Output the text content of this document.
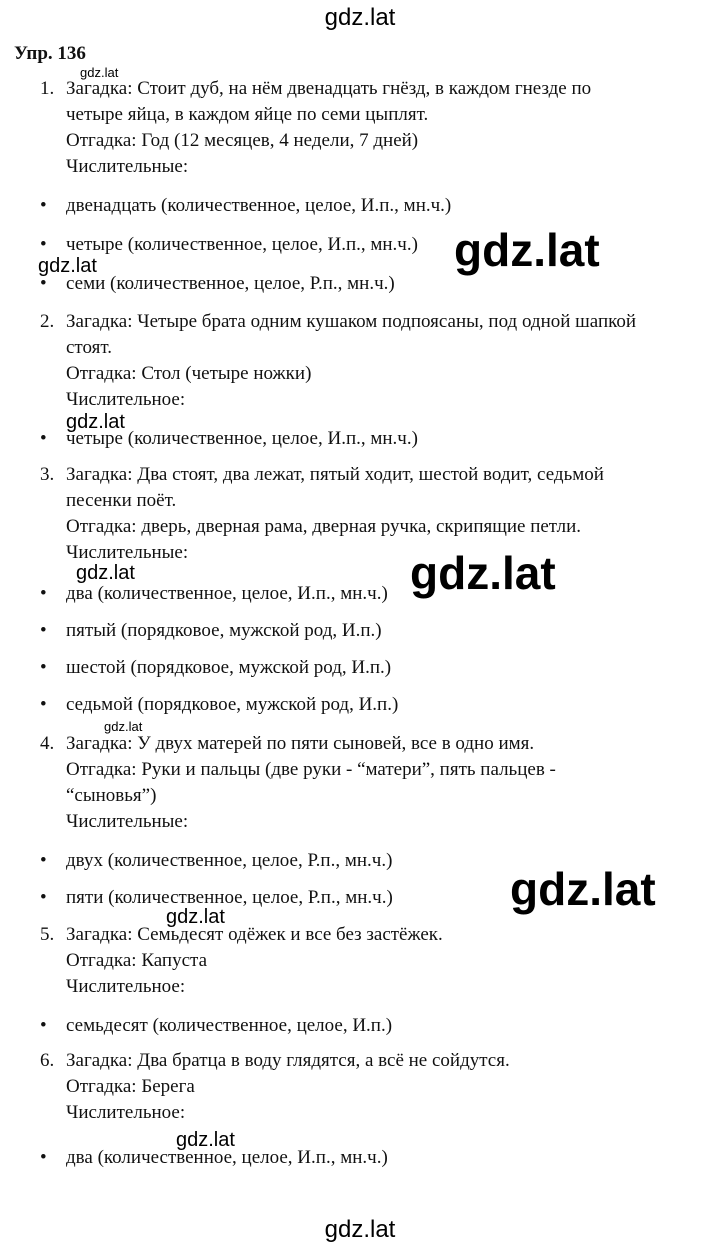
gdz.lat
Упр. 136
1. Загадка: Стоит дуб, на нём двенадцать гнёзд, в каждом гнезде по
четыре яйца, в каждом яйце по семи цыплят.
Отгадка: Год (12 месяцев, 4 недели, 7 дней)
Числительные:
• двенадцать (количественное, целое, И.п., мн.ч.)
• четыре (количественное, целое, И.п., мн.ч.)
• семи (количественное, целое, Р.п., мн.ч.)
2. Загадка: Четыре брата одним кушаком подпоясаны, под одной шапкой
стоят.
Отгадка: Стол (четыре ножки)
Числительное:
• четыре (количественное, целое, И.п., мн.ч.)
3. Загадка: Два стоят, два лежат, пятый ходит, шестой водит, седьмой
песенки поёт.
Отгадка: дверь, дверная рама, дверная ручка, скрипящие петли.
Числительные:
• два (количественное, целое, И.п., мн.ч.)
• пятый (порядковое, мужской род, И.п.)
• шестой (порядковое, мужской род, И.п.)
• седьмой (порядковое, мужской род, И.п.)
4. Загадка: У двух матерей по пяти сыновей, все в одно имя.
Отгадка: Руки и пальцы (две руки - “матери”, пять пальцев -
“сыновья”)
Числительные:
• двух (количественное, целое, Р.п., мн.ч.)
• пяти (количественное, целое, Р.п., мн.ч.)
5. Загадка: Семьдесят одёжек и все без застёжек.
Отгадка: Капуста
Числительное:
• семьдесят (количественное, целое, И.п.)
6. Загадка: Два братца в воду глядятся, а всё не сойдутся.
Отгадка: Берега
Числительное:
• два (количественное, целое, И.п., мн.ч.)
gdz.lat
gdz.lat
gdz.lat
gdz.lat
gdz.lat
gdz.lat
gdz.lat
gdz.lat
gdz.lat
gdz.lat
gdz.lat
